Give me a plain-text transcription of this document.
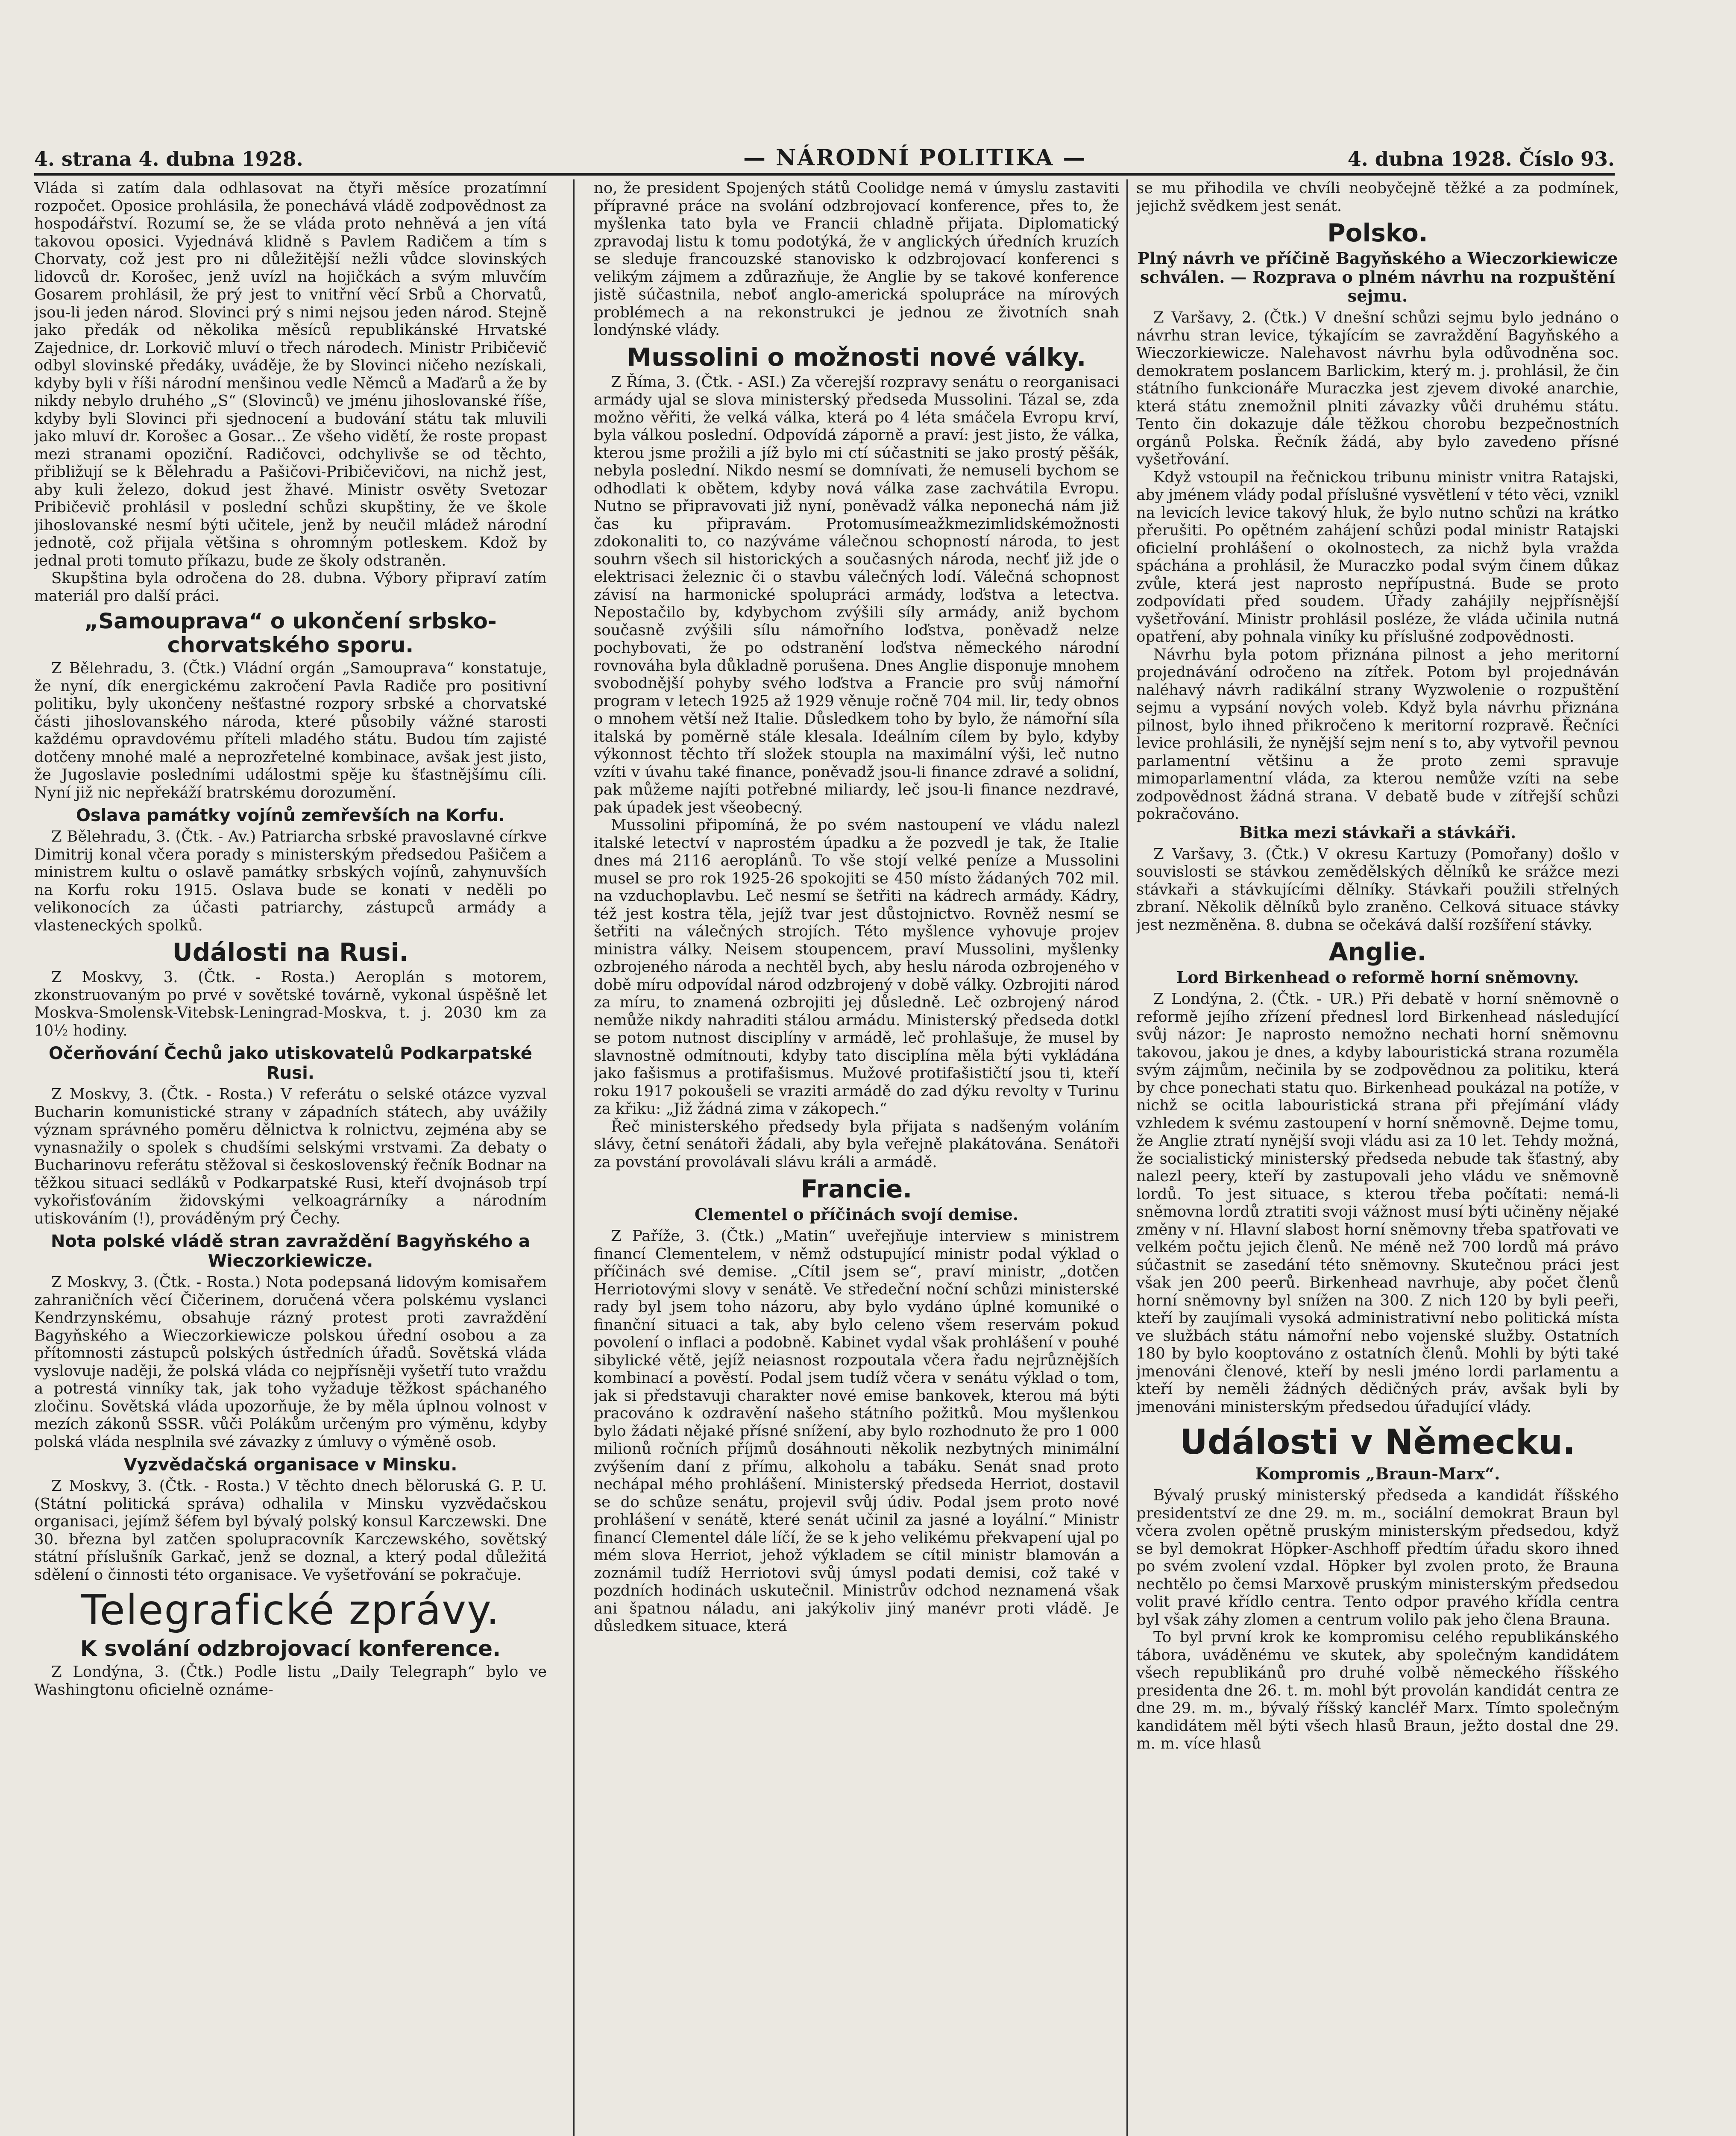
4. strana 4. dubna 1928.	— NÁRODNÍ POLITIKA —	4. dubna 1928. Číslo 93.

Vláda si zatím dala odhlasovat na čtyři měsíce prozatímní rozpočet. Oposice prohlásila, že ponechává vládě zodpovědnost za hospodářství. Rozumí se, že se vláda proto nehněvá a jen vítá takovou oposici. Vyjednává klidně s Pavlem Radičem a tím s Chorvaty, což jest pro ni důležitější nežli vůdce slovinských lidovců dr. Korošec, jenž uvízl na hojičkách a svým mluvčím Gosarem prohlásil, že prý jest to vnitřní věcí Srbů a Chorvatů, jsou-li jeden národ. Slovinci prý s nimi nejsou jeden národ. Stejně jako předák od několika měsíců republikánské Hrvatské Zajednice, dr. Lorkovič mluví o třech národech. Ministr Pribičevič odbyl slovinské předáky, uváděje, že by Slovinci ničeho nezískali, kdyby byli v říši národní menšinou vedle Němců a Maďarů a že by nikdy nebylo druhého „S“ (Slovinců) ve jménu jihoslovanské říše, kdyby byli Slovinci při sjednocení a budování státu tak mluvili jako mluví dr. Korošec a Gosar... Ze všeho vidětí, že roste propast mezi stranami opoziční. Radičovci, odchylivše se od těchto, přibližují se k Bělehradu a Pašičovi-Pribičevičovi, na nichž jest, aby kuli železo, dokud jest žhavé. Ministr osvěty Svetozar Pribičevič prohlásil v poslední schůzi skupštiny, že ve škole jihoslovanské nesmí býti učitele, jenž by neučil mládež národní jednotě, což přijala většina s ohromným potleskem. Kdož by jednal proti tomuto příkazu, bude ze školy odstraněn.

Skupština byla odročena do 28. dubna. Výbory připraví zatím materiál pro další práci.

„Samouprava“ o ukončení srbsko-chorvatského sporu.

Z Bělehradu, 3. (Čtk.) Vládní orgán „Samouprava“ konstatuje, že nyní, dík energickému zakročení Pavla Radiče pro positivní politiku, byly ukončeny nešťastné rozpory srbské a chorvatské části jihoslovanského národa, které působily vážné starosti každému opravdovému příteli mladého státu. Budou tím zajisté dotčeny mnohé malé a neprozřetelné kombinace, avšak jest jisto, že Jugoslavie posledními událostmi spěje ku šťastnějšímu cíli. Nyní již nic nepřekáží bratrskému dorozumění.

Oslava památky vojínů zemřevších na Korfu.

Z Bělehradu, 3. (Čtk. - Av.) Patriarcha srbské pravoslavné církve Dimitrij konal včera porady s ministerským předsedou Pašičem a ministrem kultu o oslavě památky srbských vojínů, zahynuvších na Korfu roku 1915. Oslava bude se konati v neděli po velikonocích za účasti patriarchy, zástupců armády a vlasteneckých spolků.

Události na Rusi.

Z Moskvy, 3. (Čtk. - Rosta.) Aeroplán s motorem, zkonstruovaným po prvé v sovětské továrně, vykonal úspěšně let Moskva-Smolensk-Vitebsk-Leningrad-Moskva, t. j. 2030 km za 10½ hodiny.

Očerňování Čechů jako utiskovatelů Podkarpatské Rusi.

Z Moskvy, 3. (Čtk. - Rosta.) V referátu o selské otázce vyzval Bucharin komunistické strany v západních státech, aby uvážily význam správného poměru dělnictva k rolnictvu, zejména aby se vynasnažily o spolek s chudšími selskými vrstvami. Za debaty o Bucharinovu referátu stěžoval si československý řečník Bodnar na těžkou situaci sedláků v Podkarpatské Rusi, kteří dvojnásob trpí vykořisťováním židovskými velkoagrárníky a národním utiskováním (!), prováděným prý Čechy.

Nota polské vládě stran zavraždění Bagyňského a Wieczorkiewicze.

Z Moskvy, 3. (Čtk. - Rosta.) Nota podepsaná lidovým komisařem zahraničních věcí Čičerinem, doručená včera polskému vyslanci Kendrzynskému, obsahuje rázný protest proti zavraždění Bagyňského a Wieczorkiewicze polskou úřední osobou a za přítomnosti zástupců polských ústředních úřadů. Sovětská vláda vyslovuje naději, že polská vláda co nejpřísněji vyšetří tuto vraždu a potrestá vinníky tak, jak toho vyžaduje těžkost spáchaného zločinu. Sovětská vláda upozorňuje, že by měla úplnou volnost v mezích zákonů SSSR. vůči Polákům určeným pro výměnu, kdyby polská vláda nesplnila své závazky z úmluvy o výměně osob.

Vyzvědačská organisace v Minsku.

Z Moskvy, 3. (Čtk. - Rosta.) V těchto dnech běloruská G. P. U. (Státní politická správa) odhalila v Minsku vyzvědačskou organisaci, jejímž šéfem byl bývalý polský konsul Karczewski. Dne 30. března byl zatčen spolupracovník Karczewského, sovětský státní příslušník Garkač, jenž se doznal, a který podal důležitá sdělení o činnosti této organisace. Ve vyšetřování se pokračuje.

Telegrafické zprávy.
K svolání odzbrojovací konference.

Z Londýna, 3. (Čtk.) Podle listu „Daily Telegraph“ bylo ve Washingtonu oficielně oznáme-

no, že president Spojených států Coolidge nemá v úmyslu zastaviti přípravné práce na svolání odzbrojovací konference, přes to, že myšlenka tato byla ve Francii chladně přijata. Diplomatický zpravodaj listu k tomu podotýká, že v anglických úředních kruzích se sleduje francouzské stanovisko k odzbrojovací konferenci s velikým zájmem a zdůrazňuje, že Anglie by se takové konference jistě súčastnila, neboť anglo-americká spolupráce na mírových problémech a na rekonstrukci je jednou ze životních snah londýnské vlády.

Mussolini o možnosti nové války.

Z Říma, 3. (Čtk. - ASI.) Za včerejší rozpravy senátu o reorganisaci armády ujal se slova ministerský předseda Mussolini. Tázal se, zda možno věřiti, že velká válka, která po 4 léta smáčela Evropu krví, byla válkou poslední. Odpovídá záporně a praví: jest jisto, že válka, kterou jsme prožili a jíž bylo mi ctí súčastniti se jako prostý pěšák, nebyla poslední. Nikdo nesmí se domnívati, že nemuseli bychom se odhodlati k obětem, kdyby nová válka zase zachvátila Evropu. Nutno se připravovati již nyní, poněvadž válka neponechá nám již čas ku připravám. Protomusímeažkmezimlidskémožnosti zdokonaliti to, co nazýváme válečnou schopností národa, to jest souhrn všech sil historických a současných národa, nechť již jde o elektrisaci železnic či o stavbu válečných lodí. Válečná schopnost závisí na harmonické spolupráci armády, loďstva a letectva. Nepostačilo by, kdybychom zvýšili síly armády, aniž bychom současně zvýšili sílu námořního loďstva, poněvadž nelze pochybovati, že po odstranění loďstva německého národní rovnováha byla důkladně porušena. Dnes Anglie disponuje mnohem svobodnější pohyby svého loďstva a Francie pro svůj námořní program v letech 1925 až 1929 věnuje ročně 704 mil. lir, tedy obnos o mnohem větší než Italie. Důsledkem toho by bylo, že námořní síla italská by poměrně stále klesala. Ideálním cílem by bylo, kdyby výkonnost těchto tří složek stoupla na maximální výši, leč nutno vzíti v úvahu také finance, poněvadž jsou-li finance zdravé a solidní, pak můžeme najíti potřebné miliardy, leč jsou-li finance nezdravé, pak úpadek jest všeobecný.

Mussolini připomíná, že po svém nastoupení ve vládu nalezl italské letectví v naprostém úpadku a že pozvedl je tak, že Italie dnes má 2116 aeroplánů. To vše stojí velké peníze a Mussolini musel se pro rok 1925-26 spokojiti se 450 místo žádaných 702 mil. na vzduchoplavbu. Leč nesmí se šetřiti na kádrech armády. Kádry, též jest kostra těla, jejíž tvar jest důstojnictvo. Rovněž nesmí se šetřiti na válečných strojích. Této myšlence vyhovuje projev ministra války. Neisem stoupencem, praví Mussolini, myšlenky ozbrojeného národa a nechtěl bych, aby heslu národa ozbrojeného v době míru odpovídal národ odzbrojený v době války. Ozbrojiti národ za míru, to znamená ozbrojiti jej důsledně. Leč ozbrojený národ nemůže nikdy nahraditi stálou armádu. Ministerský předseda dotkl se potom nutnost disciplíny v armádě, leč prohlašuje, že musel by slavnostně odmítnouti, kdyby tato disciplína měla býti vykládána jako fašismus a protifašismus. Mužové protifašističtí jsou ti, kteří roku 1917 pokoušeli se vraziti armádě do zad dýku revolty v Turinu za křiku: „Již žádná zima v zákopech.“

Řeč ministerského předsedy byla přijata s nadšeným voláním slávy, četní senátoři žádali, aby byla veřejně plakátována. Senátoři za povstání provolávali slávu králi a armádě.

Francie.
Clementel o příčinách svojí demise.

Z Paříže, 3. (Čtk.) „Matin“ uveřejňuje interview s ministrem financí Clementelem, v němž odstupující ministr podal výklad o příčinách své demise. „Cítil jsem se“, praví ministr, „dotčen Herriotovými slovy v senátě. Ve středeční noční schůzi ministerské rady byl jsem toho názoru, aby bylo vydáno úplné komuniké o finanční situaci a tak, aby bylo celeno všem reservám pokud povolení o inflaci a podobně. Kabinet vydal však prohlášení v pouhé sibylické větě, jejíž neiasnost rozpoutala včera řadu nejrůznějších kombinací a pověstí. Podal jsem tudíž včera v senátu výklad o tom, jak si představuji charakter nové emise bankovek, kterou má býti pracováno k ozdravění našeho státního požitků. Mou myšlenkou bylo žádati nějaké přísné snížení, aby bylo rozhodnuto že pro 1 000 milionů ročních příjmů dosáhnouti několik nezbytných minimální zvýšením daní z přímu, alkoholu a tabáku. Senát snad proto nechápal mého prohlášení. Ministerský předseda Herriot, dostavil se do schůze senátu, projevil svůj údiv. Podal jsem proto nové prohlášení v senátě, které senát učinil za jasné a loyální.“ Ministr financí Clementel dále líčí, že se k jeho velikému překvapení ujal po mém slova Herriot, jehož výkladem se cítil ministr blamován a zoznámil tudíž Herriotovi svůj úmysl podati demisi, což také v pozdních hodinách uskutečnil. Ministrův odchod neznamená však ani špatnou náladu, ani jakýkoliv jiný manévr proti vládě. Je důsledkem situace, která

se mu přihodila ve chvíli neobyčejně těžké a za podmínek, jejichž svědkem jest senát.

Polsko.
Plný návrh ve příčině Bagyňského a Wieczorkiewicze schválen. — Rozprava o plném návrhu na rozpuštění sejmu.

Z Varšavy, 2. (Čtk.) V dnešní schůzi sejmu bylo jednáno o návrhu stran levice, týkajícím se zavraždění Bagyňského a Wieczorkiewicze. Nalehavost návrhu byla odůvodněna soc. demokratem poslancem Barlickim, který m. j. prohlásil, že čin státního funkcionáře Muraczka jest zjevem divoké anarchie, která státu znemožnil plniti závazky vůči druhému státu. Tento čin dokazuje dále těžkou chorobu bezpečnostních orgánů Polska. Řečník žádá, aby bylo zavedeno přísné vyšetřování.

Když vstoupil na řečnickou tribunu ministr vnitra Ratajski, aby jménem vlády podal příslušné vysvětlení v této věci, vznikl na levicích levice takový hluk, že bylo nutno schůzi na krátko přerušiti. Po opětném zahájení schůzi podal ministr Ratajski oficielní prohlášení o okolnostech, za nichž byla vražda spáchána a prohlásil, že Muraczko podal svým činem důkaz zvůle, která jest naprosto nepřípustná. Bude se proto zodpovídati před soudem. Úřady zahájily nejpřísnější vyšetřování. Ministr prohlásil posléze, že vláda učinila nutná opatření, aby pohnala viníky ku příslušné zodpovědnosti.

Návrhu byla potom přiznána pilnost a jeho meritorní projednávání odročeno na zítřek. Potom byl projednáván naléhavý návrh radikální strany Wyzwolenie o rozpuštění sejmu a vypsání nových voleb. Když byla návrhu přiznána pilnost, bylo ihned přikročeno k meritorní rozpravě. Řečníci levice prohlásili, že nynější sejm není s to, aby vytvořil pevnou parlamentní většinu a že proto zemi spravuje mimoparlamentní vláda, za kterou nemůže vzíti na sebe zodpovědnost žádná strana. V debatě bude v zítřejší schůzi pokračováno.

Bitka mezi stávkaři a stávkáři.

Z Varšavy, 3. (Čtk.) V okresu Kartuzy (Pomořany) došlo v souvislosti se stávkou zemědělských dělníků ke srážce mezi stávkaři a stávkujícími dělníky. Stávkaři použili střelných zbraní. Několik dělníků bylo zraněno. Celková situace stávky jest nezměněna. 8. dubna se očekává další rozšíření stávky.

Anglie.
Lord Birkenhead o reformě horní sněmovny.

Z Londýna, 2. (Čtk. - UR.) Při debatě v horní sněmovně o reformě jejího zřízení přednesl lord Birkenhead následující svůj názor: Je naprosto nemožno nechati horní sněmovnu takovou, jakou je dnes, a kdyby labouristická strana rozuměla svým zájmům, nečinila by se zodpovědnou za politiku, která by chce ponechati statu quo. Birkenhead poukázal na potíže, v nichž se ocitla labouristická strana při přejímání vlády vzhledem k svému zastoupení v horní sněmovně. Dejme tomu, že Anglie ztratí nynější svoji vládu asi za 10 let. Tehdy možná, že socialistický ministerský předseda nebude tak šťastný, aby nalezl peery, kteří by zastupovali jeho vládu ve sněmovně lordů. To jest situace, s kterou třeba počítati: nemá-li sněmovna lordů ztratiti svoji vážnost musí býti učiněny nějaké změny v ní. Hlavní slabost horní sněmovny třeba spatřovati ve velkém počtu jejich členů. Ne méně než 700 lordů má právo súčastnit se zasedání této sněmovny. Skutečnou práci jest však jen 200 peerů. Birkenhead navrhuje, aby počet členů horní sněmovny byl snížen na 300. Z nich 120 by byli peeři, kteří by zaujímali vysoká administrativní nebo politická místa ve službách státu námořní nebo vojenské služby. Ostatních 180 by bylo kooptováno z ostatních členů. Mohli by býti také jmenováni členové, kteří by nesli jméno lordi parlamentu a kteří by neměli žádných dědičných práv, avšak byli by jmenováni ministerským předsedou úřadující vlády.

Události v Německu.
Kompromis „Braun-Marx“.

Bývalý pruský ministerský předseda a kandidát říšského presidentství ze dne 29. m. m., sociální demokrat Braun byl včera zvolen opětně pruským ministerským předsedou, když se byl demokrat Höpker-Aschhoff předtím úřadu skoro ihned po svém zvolení vzdal. Höpker byl zvolen proto, že Brauna nechtělo po čemsi Marxově pruským ministerským předsedou volit pravé křídlo centra. Tento odpor pravého křídla centra byl však záhy zlomen a centrum volilo pak jeho člena Brauna.

To byl první krok ke kompromisu celého republikánského tábora, uváděnému ve skutek, aby společným kandidátem všech republikánů pro druhé volbě německého říšského presidenta dne 26. t. m. mohl být provolán kandidát centra ze dne 29. m. m., bývalý říšský kancléř Marx. Tímto společným kandidátem měl býti všech hlasů Braun, ježto dostal dne 29. m. m. více hlasů
